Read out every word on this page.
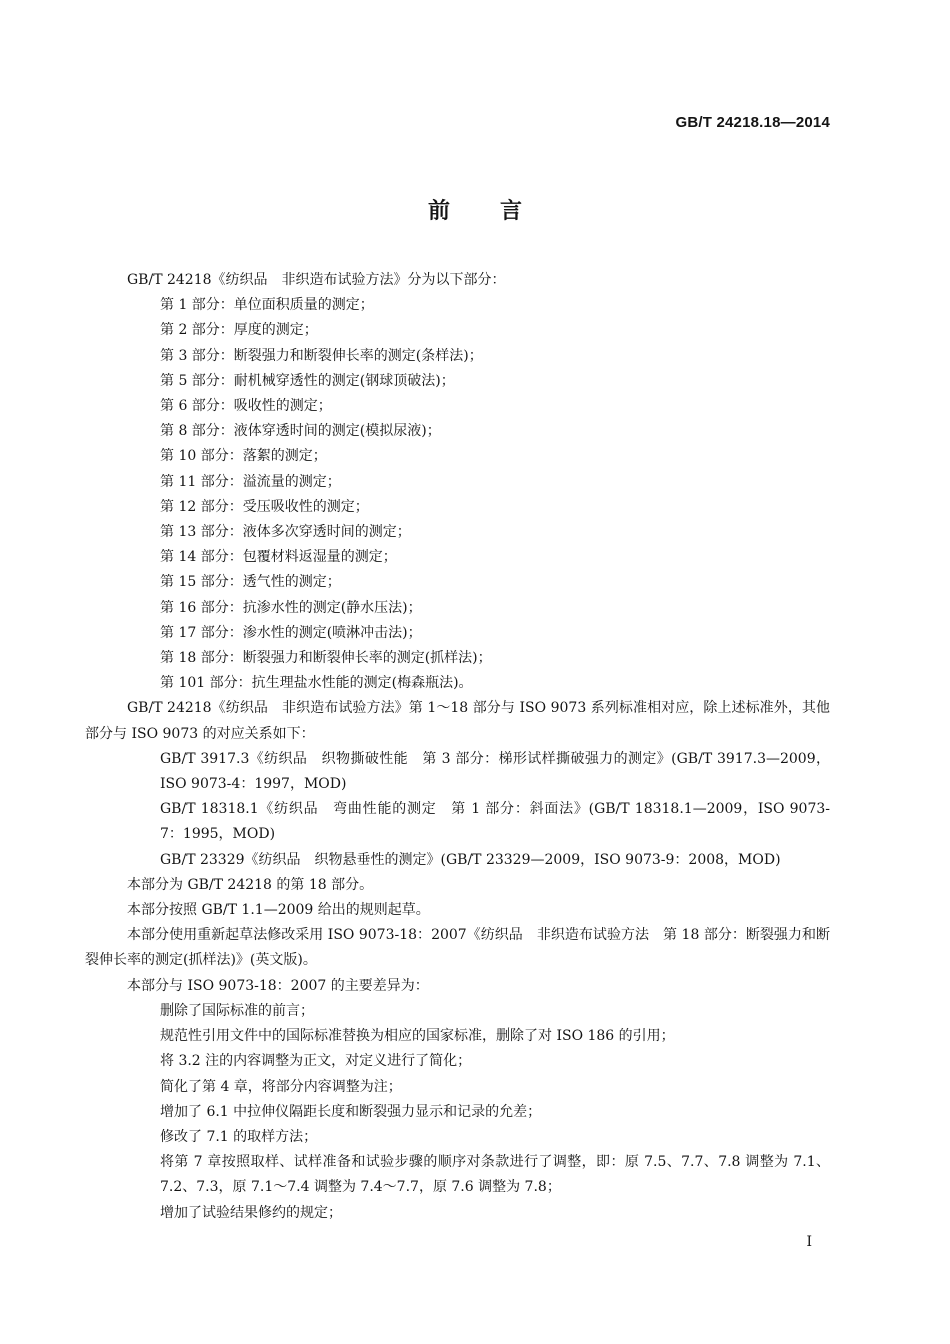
GB/T 24218.18—2014
前言

GB/T 24218《纺织品　非织造布试验方法》分为以下部分：

第 1 部分：单位面积质量的测定；

第 2 部分：厚度的测定；

第 3 部分：断裂强力和断裂伸长率的测定(条样法)；

第 5 部分：耐机械穿透性的测定(钢球顶破法)；

第 6 部分：吸收性的测定；

第 8 部分：液体穿透时间的测定(模拟尿液)；

第 10 部分：落絮的测定；

第 11 部分：溢流量的测定；

第 12 部分：受压吸收性的测定；

第 13 部分：液体多次穿透时间的测定；

第 14 部分：包覆材料返湿量的测定；

第 15 部分：透气性的测定；

第 16 部分：抗渗水性的测定(静水压法)；

第 17 部分：渗水性的测定(喷淋冲击法)；

第 18 部分：断裂强力和断裂伸长率的测定(抓样法)；

第 101 部分：抗生理盐水性能的测定(梅森瓶法)。

GB/T 24218《纺织品　非织造布试验方法》第 1～18 部分与 ISO 9073 系列标准相对应，除上述标准外，其他部分与 ISO 9073 的对应关系如下：

GB/T 3917.3《纺织品　织物撕破性能　第 3 部分：梯形试样撕破强力的测定》(GB/T 3917.3—2009，ISO 9073-4：1997，MOD)

GB/T 18318.1《纺织品　弯曲性能的测定　第 1 部分：斜面法》(GB/T 18318.1—2009，ISO 9073-7：1995，MOD)

GB/T 23329《纺织品　织物悬垂性的测定》(GB/T 23329—2009，ISO 9073-9：2008，MOD)

本部分为 GB/T 24218 的第 18 部分。

本部分按照 GB/T 1.1—2009 给出的规则起草。

本部分使用重新起草法修改采用 ISO 9073-18：2007《纺织品　非织造布试验方法　第 18 部分：断裂强力和断裂伸长率的测定(抓样法)》(英文版)。

本部分与 ISO 9073-18：2007 的主要差异为：

删除了国际标准的前言；

规范性引用文件中的国际标准替换为相应的国家标准，删除了对 ISO 186 的引用；

将 3.2 注的内容调整为正文，对定义进行了简化；

简化了第 4 章，将部分内容调整为注；

增加了 6.1 中拉伸仪隔距长度和断裂强力显示和记录的允差；

修改了 7.1 的取样方法；

将第 7 章按照取样、试样准备和试验步骤的顺序对条款进行了调整，即：原 7.5、7.7、7.8 调整为 7.1、7.2、7.3，原 7.1～7.4 调整为 7.4～7.7，原 7.6 调整为 7.8；

增加了试验结果修约的规定；

I
